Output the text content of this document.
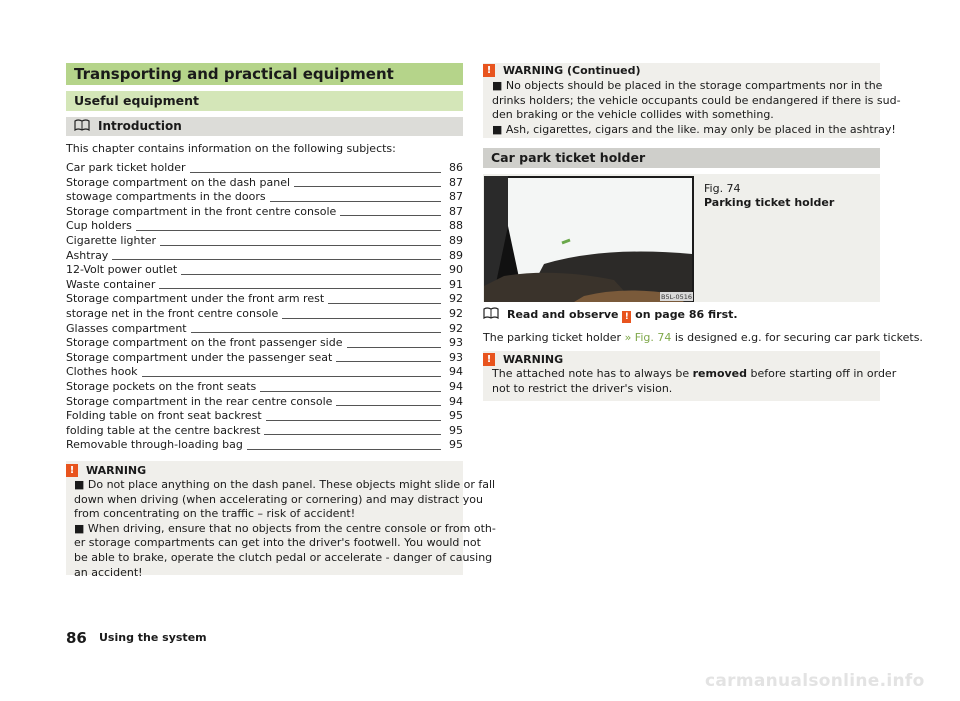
Transporting and practical equipment
Useful equipment
Introduction
This chapter contains information on the following subjects:
Car park ticket holder	86
Storage compartment on the dash panel	87
stowage compartments in the doors	87
Storage compartment in the front centre console	87
Cup holders	88
Cigarette lighter	89
Ashtray	89
12-Volt power outlet	90
Waste container	91
Storage compartment under the front arm rest	92
storage net in the front centre console	92
Glasses compartment	92
Storage compartment on the front passenger side	93
Storage compartment under the passenger seat	93
Clothes hook	94
Storage pockets on the front seats	94
Storage compartment in the rear centre console	94
Folding table on front seat backrest	95
folding table at the centre backrest	95
Removable through-loading bag	95
!	WARNING
■ Do not place anything on the dash panel. These objects might slide or fall
down when driving (when accelerating or cornering) and may distract you
from concentrating on the traffic – risk of accident!
■ When driving, ensure that no objects from the centre console or from oth-
er storage compartments can get into the driver's footwell. You would not
be able to brake, operate the clutch pedal or accelerate - danger of causing
an accident!
!	WARNING (Continued)
■ No objects should be placed in the storage compartments nor in the
drinks holders; the vehicle occupants could be endangered if there is sud-
den braking or the vehicle collides with something.
■ Ash, cigarettes, cigars and the like. may only be placed in the ashtray!
Car park ticket holder
B5L-0516
Fig. 74
Parking ticket holder
Read and observe ! on page 86 first.
The parking ticket holder » Fig. 74 is designed e.g. for securing car park tickets.
!	WARNING
The attached note has to always be removed before starting off in order
not to restrict the driver's vision.
86 Using the system
carmanualsonline.info
